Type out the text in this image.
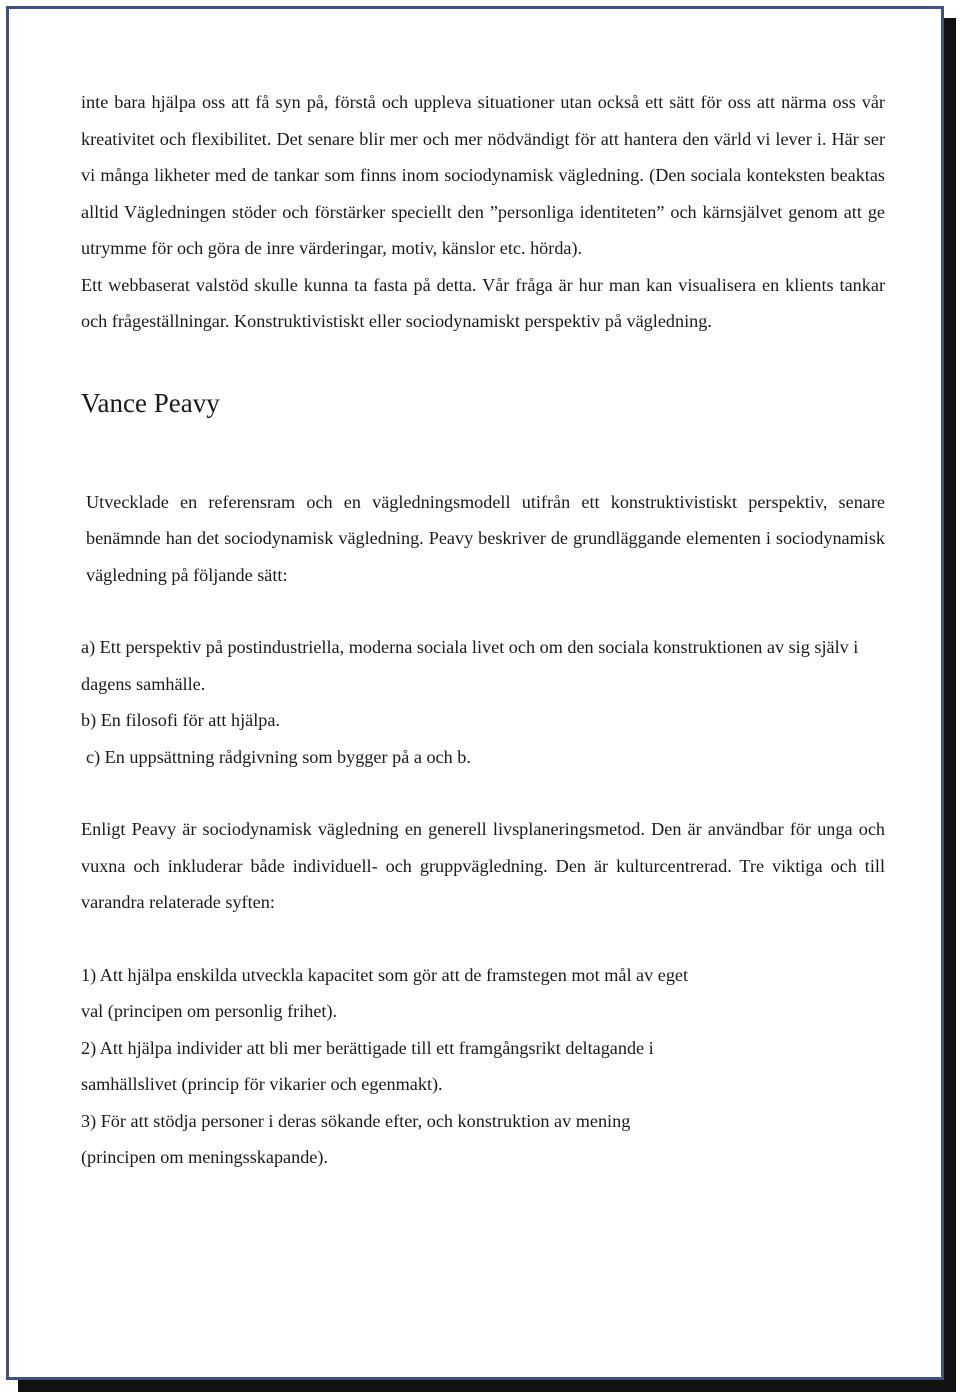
inte bara hjälpa oss att få syn på, förstå och uppleva situationer utan också ett sätt för oss att närma oss vår kreativitet och flexibilitet. Det senare blir mer och mer nödvändigt för att hantera den värld vi lever i. Här ser vi många likheter med de tankar som finns inom sociodynamisk vägledning. (Den sociala konteksten beaktas alltid Vägledningen stöder och förstärker speciellt den ”personliga identiteten” och kärnsjälvet genom att ge utrymme för och göra de inre värderingar, motiv, känslor etc. hörda).

Ett webbaserat valstöd skulle kunna ta fasta på detta. Vår fråga är hur man kan visualisera en klients tankar och frågeställningar. Konstruktivistiskt eller sociodynamiskt perspektiv på vägledning.

Vance Peavy

Utvecklade en referensram och en vägledningsmodell utifrån ett konstruktivistiskt perspektiv, senare benämnde han det sociodynamisk vägledning. Peavy beskriver de grundläggande elementen i sociodynamisk vägledning på följande sätt:

a) Ett perspektiv på postindustriella, moderna sociala livet och om den sociala konstruktionen av sig själv i dagens samhälle.

b) En filosofi för att hjälpa.

c) En uppsättning rådgivning som bygger på a och b.

Enligt Peavy är sociodynamisk vägledning en generell livsplaneringsmetod. Den är användbar för unga och vuxna och inkluderar både individuell- och gruppvägledning. Den är kulturcentrerad. Tre viktiga och till varandra relaterade syften:

1) Att hjälpa enskilda utveckla kapacitet som gör att de framstegen mot mål av eget

val (principen om personlig frihet).

2) Att hjälpa individer att bli mer berättigade till ett framgångsrikt deltagande i

samhällslivet (princip för vikarier och egenmakt).

3) För att stödja personer i deras sökande efter, och konstruktion av mening

(principen om meningsskapande).
